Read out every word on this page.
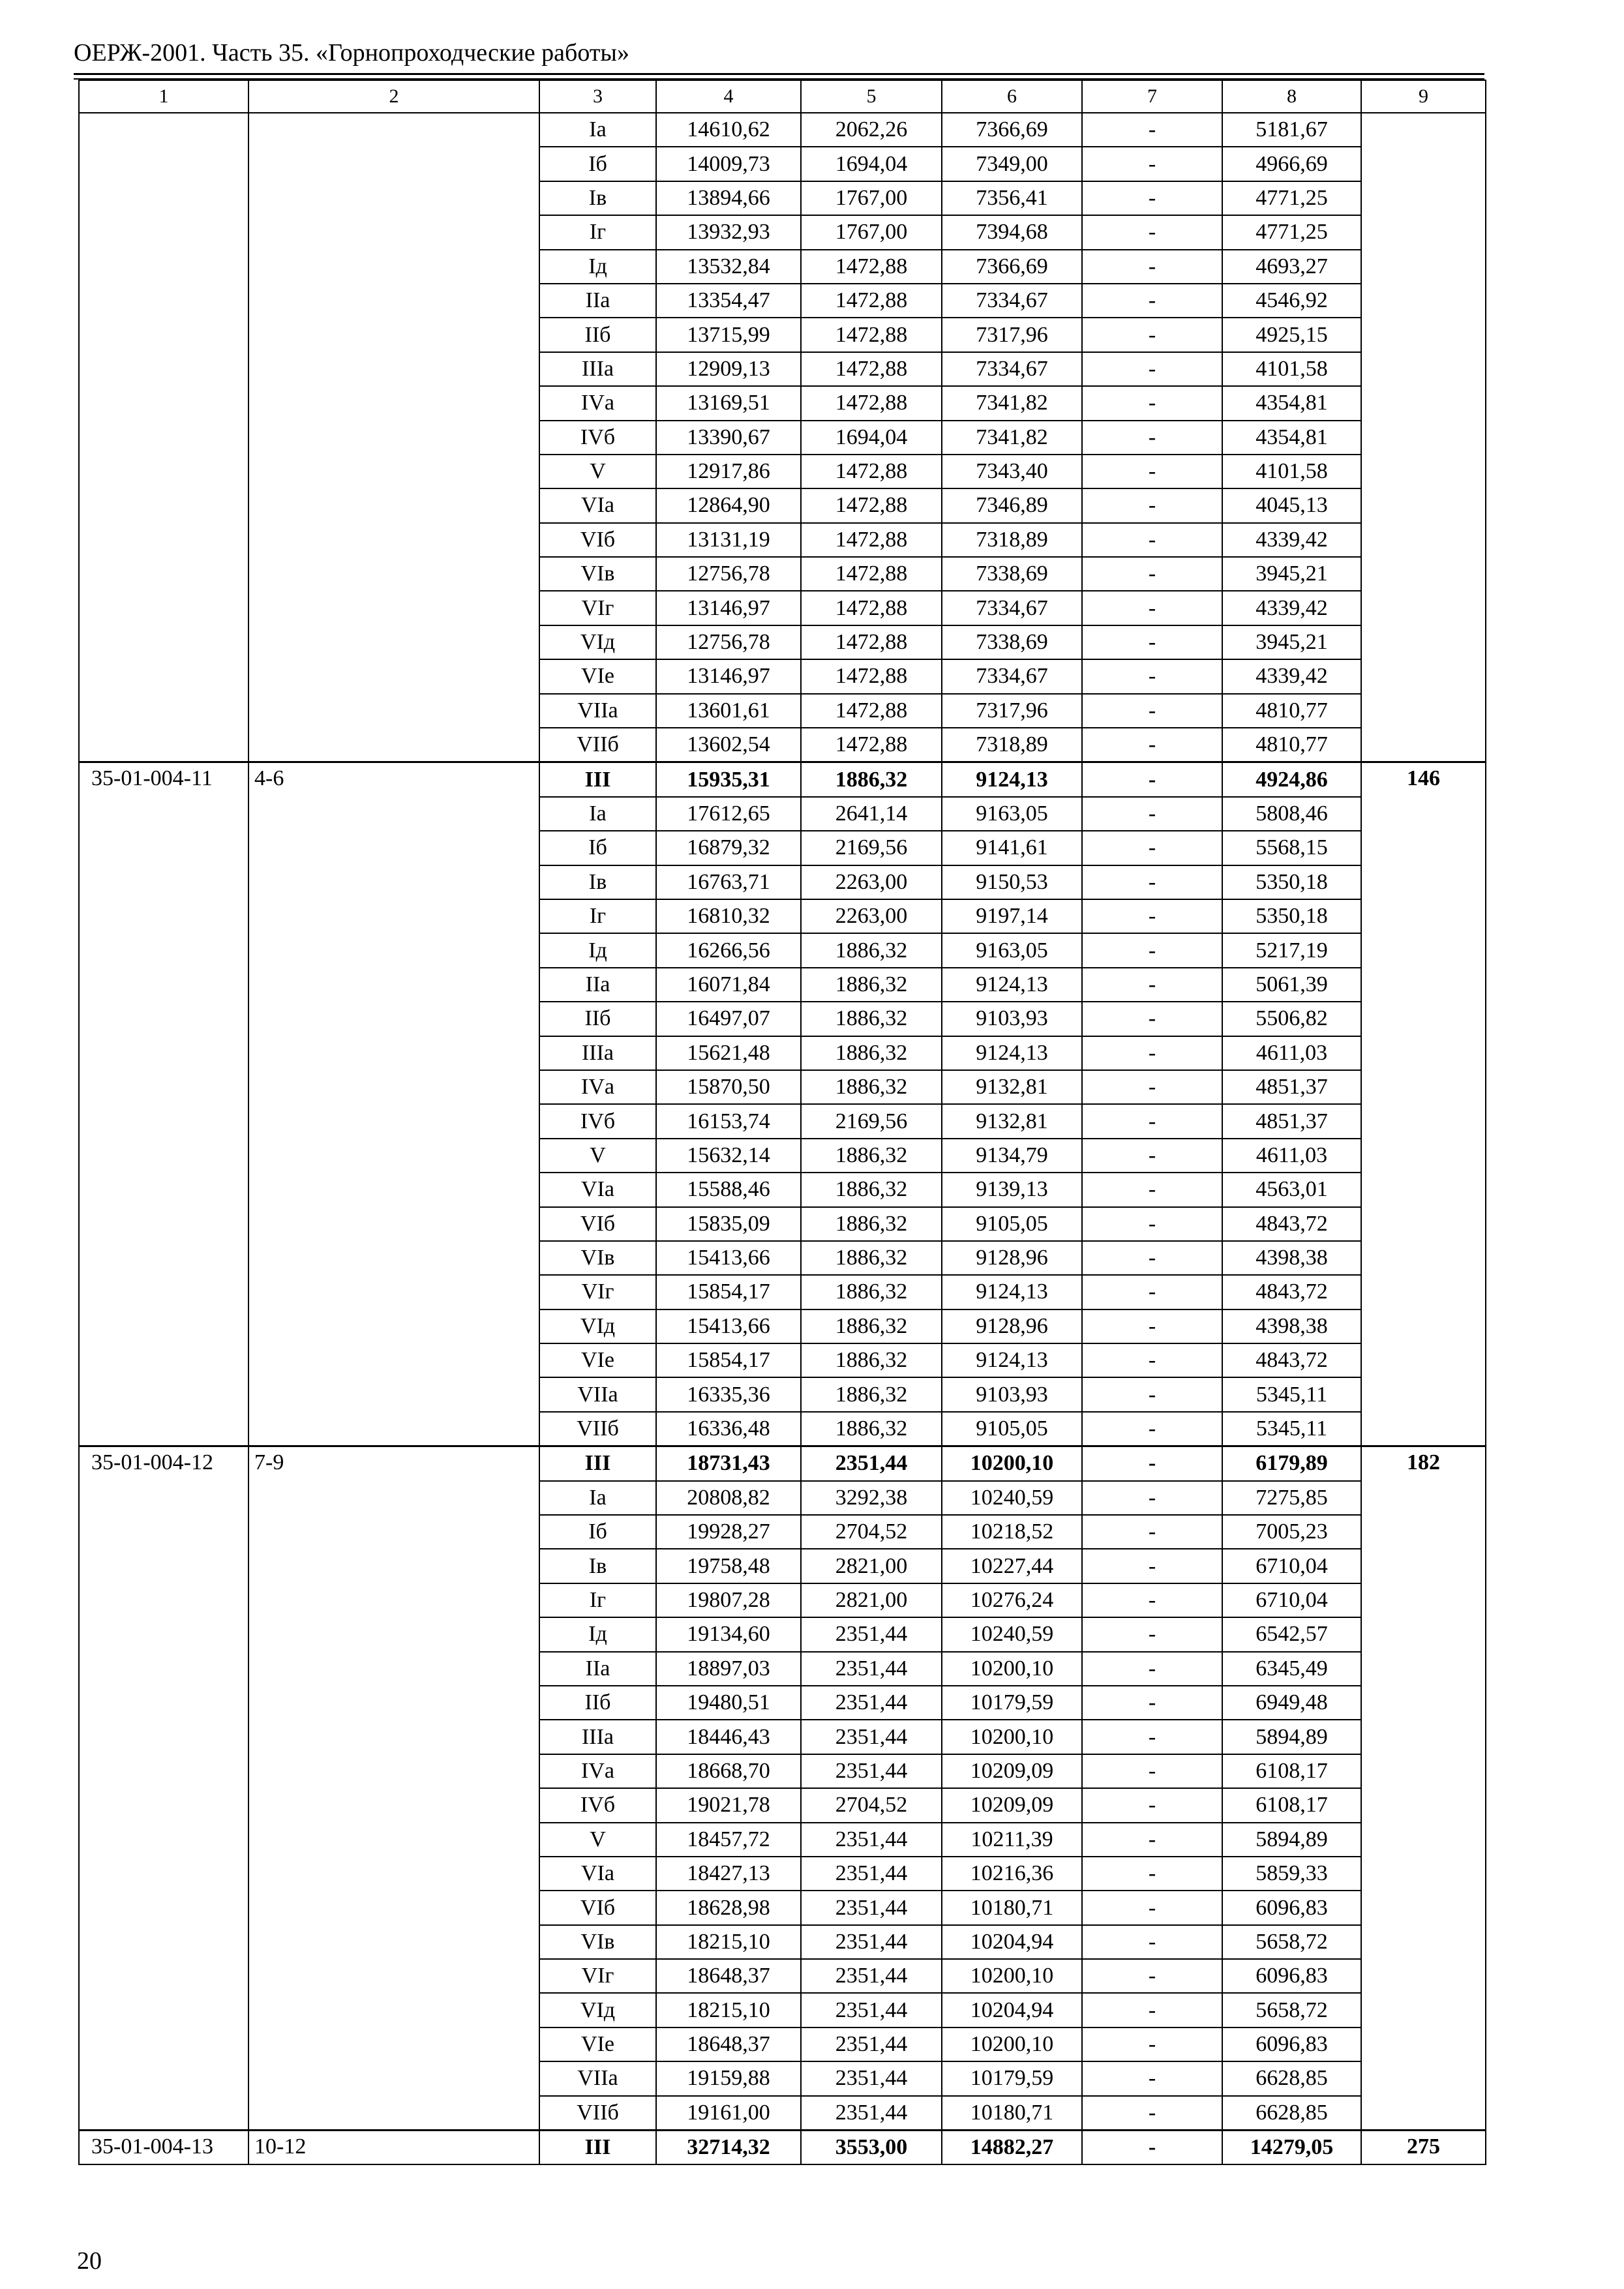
ОЕРЖ-2001. Часть 35. «Горнопроходческие работы»
1	2	3	4	5	6	7	8	9
		Iа	14610,62	2062,26	7366,69	-	5181,67	
		Iб	14009,73	1694,04	7349,00	-	4966,69	
		Iв	13894,66	1767,00	7356,41	-	4771,25	
		Iг	13932,93	1767,00	7394,68	-	4771,25	
		Iд	13532,84	1472,88	7366,69	-	4693,27	
		IIа	13354,47	1472,88	7334,67	-	4546,92	
		IIб	13715,99	1472,88	7317,96	-	4925,15	
		IIIа	12909,13	1472,88	7334,67	-	4101,58	
		IVа	13169,51	1472,88	7341,82	-	4354,81	
		IVб	13390,67	1694,04	7341,82	-	4354,81	
		V	12917,86	1472,88	7343,40	-	4101,58	
		VIа	12864,90	1472,88	7346,89	-	4045,13	
		VIб	13131,19	1472,88	7318,89	-	4339,42	
		VIв	12756,78	1472,88	7338,69	-	3945,21	
		VIг	13146,97	1472,88	7334,67	-	4339,42	
		VIд	12756,78	1472,88	7338,69	-	3945,21	
		VIе	13146,97	1472,88	7334,67	-	4339,42	
		VIIа	13601,61	1472,88	7317,96	-	4810,77	
		VIIб	13602,54	1472,88	7318,89	-	4810,77	
35-01-004-11	4-6	III	15935,31	1886,32	9124,13	-	4924,86	146
		Iа	17612,65	2641,14	9163,05	-	5808,46	
		Iб	16879,32	2169,56	9141,61	-	5568,15	
		Iв	16763,71	2263,00	9150,53	-	5350,18	
		Iг	16810,32	2263,00	9197,14	-	5350,18	
		Iд	16266,56	1886,32	9163,05	-	5217,19	
		IIа	16071,84	1886,32	9124,13	-	5061,39	
		IIб	16497,07	1886,32	9103,93	-	5506,82	
		IIIа	15621,48	1886,32	9124,13	-	4611,03	
		IVа	15870,50	1886,32	9132,81	-	4851,37	
		IVб	16153,74	2169,56	9132,81	-	4851,37	
		V	15632,14	1886,32	9134,79	-	4611,03	
		VIа	15588,46	1886,32	9139,13	-	4563,01	
		VIб	15835,09	1886,32	9105,05	-	4843,72	
		VIв	15413,66	1886,32	9128,96	-	4398,38	
		VIг	15854,17	1886,32	9124,13	-	4843,72	
		VIд	15413,66	1886,32	9128,96	-	4398,38	
		VIе	15854,17	1886,32	9124,13	-	4843,72	
		VIIа	16335,36	1886,32	9103,93	-	5345,11	
		VIIб	16336,48	1886,32	9105,05	-	5345,11	
35-01-004-12	7-9	III	18731,43	2351,44	10200,10	-	6179,89	182
		Iа	20808,82	3292,38	10240,59	-	7275,85	
		Iб	19928,27	2704,52	10218,52	-	7005,23	
		Iв	19758,48	2821,00	10227,44	-	6710,04	
		Iг	19807,28	2821,00	10276,24	-	6710,04	
		Iд	19134,60	2351,44	10240,59	-	6542,57	
		IIа	18897,03	2351,44	10200,10	-	6345,49	
		IIб	19480,51	2351,44	10179,59	-	6949,48	
		IIIа	18446,43	2351,44	10200,10	-	5894,89	
		IVа	18668,70	2351,44	10209,09	-	6108,17	
		IVб	19021,78	2704,52	10209,09	-	6108,17	
		V	18457,72	2351,44	10211,39	-	5894,89	
		VIа	18427,13	2351,44	10216,36	-	5859,33	
		VIб	18628,98	2351,44	10180,71	-	6096,83	
		VIв	18215,10	2351,44	10204,94	-	5658,72	
		VIг	18648,37	2351,44	10200,10	-	6096,83	
		VIд	18215,10	2351,44	10204,94	-	5658,72	
		VIе	18648,37	2351,44	10200,10	-	6096,83	
		VIIа	19159,88	2351,44	10179,59	-	6628,85	
		VIIб	19161,00	2351,44	10180,71	-	6628,85	
35-01-004-13	10-12	III	32714,32	3553,00	14882,27	-	14279,05	275
20
